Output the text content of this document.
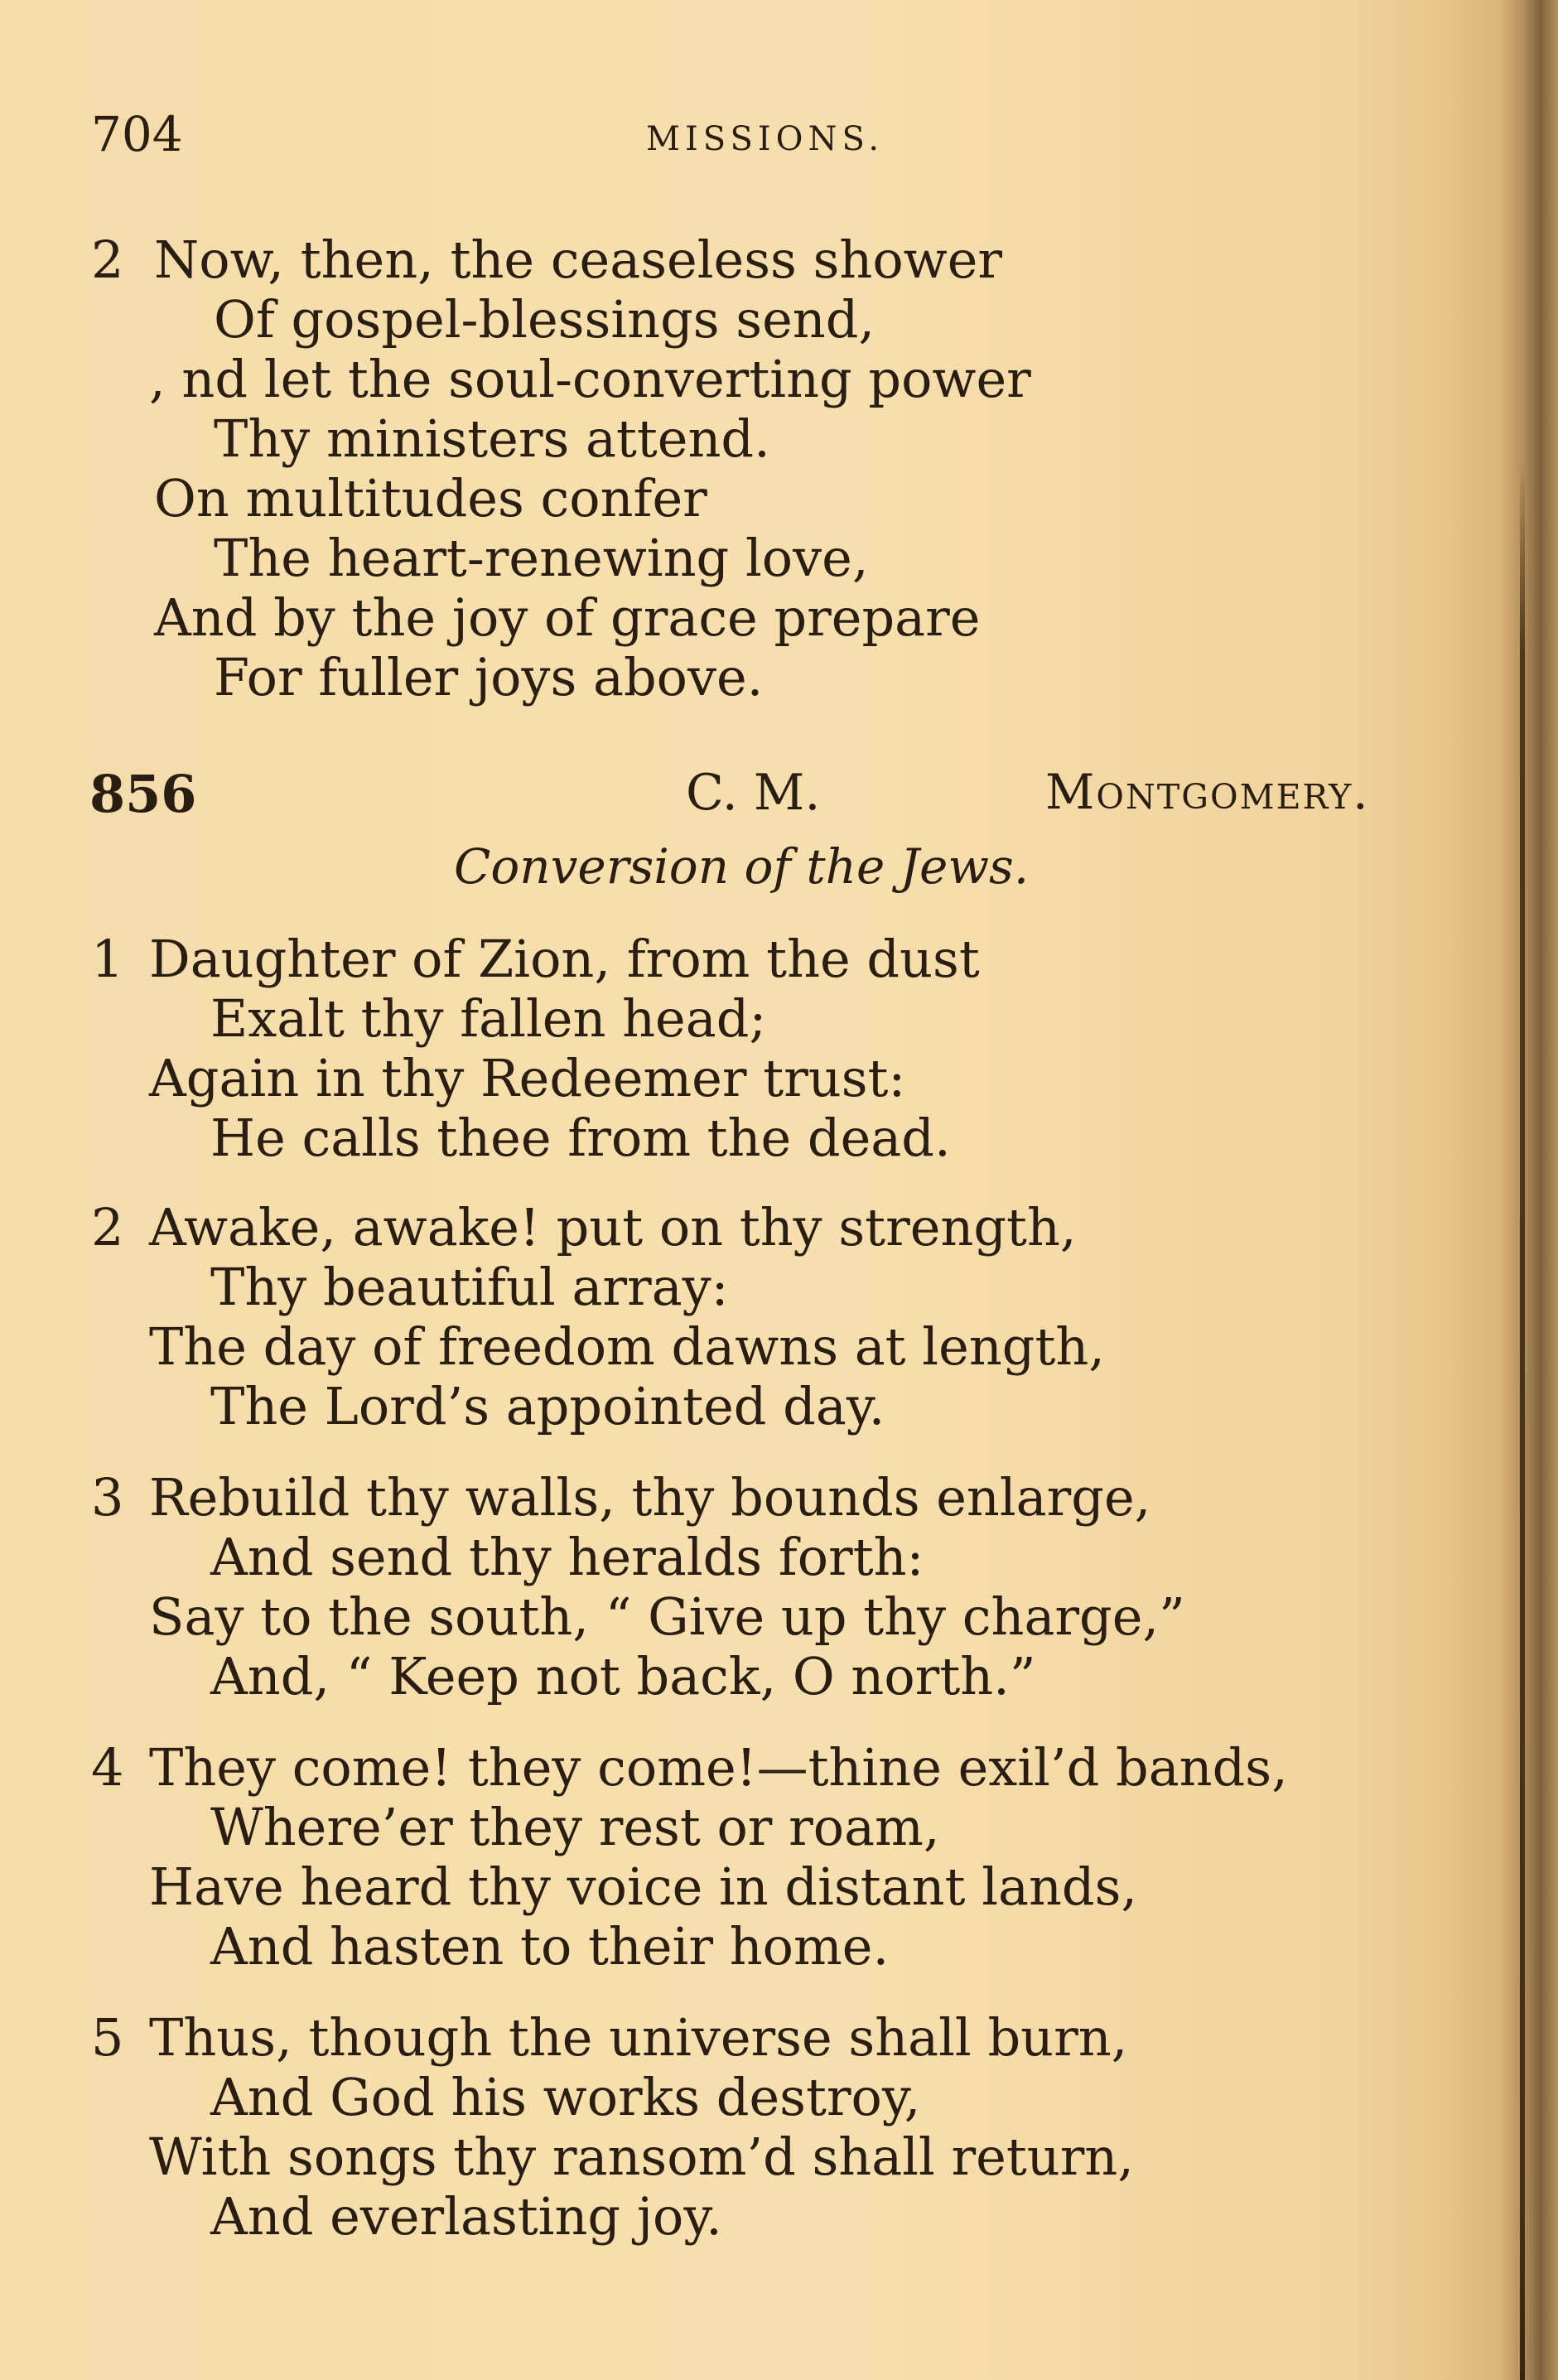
704	MISSIONS.
2 Now, then, the ceaseless shower
Of gospel-blessings send,
, nd let the soul-converting power
Thy ministers attend.
On multitudes confer
The heart-renewing love,
And by the joy of grace prepare
For fuller joys above.
856	C. M.	Montgomery.
Conversion of the Jews.
1 Daughter of Zion, from the dust
Exalt thy fallen head;
Again in thy Redeemer trust:
He calls thee from the dead.
2 Awake, awake! put on thy strength,
Thy beautiful array:
The day of freedom dawns at length,
The Lord’s appointed day.
3 Rebuild thy walls, thy bounds enlarge,
And send thy heralds forth:
Say to the south, “ Give up thy charge,”
And, “ Keep not back, O north.”
4 They come! they come!—thine exil’d bands,
Where’er they rest or roam,
Have heard thy voice in distant lands,
And hasten to their home.
5 Thus, though the universe shall burn,
And God his works destroy,
With songs thy ransom’d shall return,
And everlasting joy.
